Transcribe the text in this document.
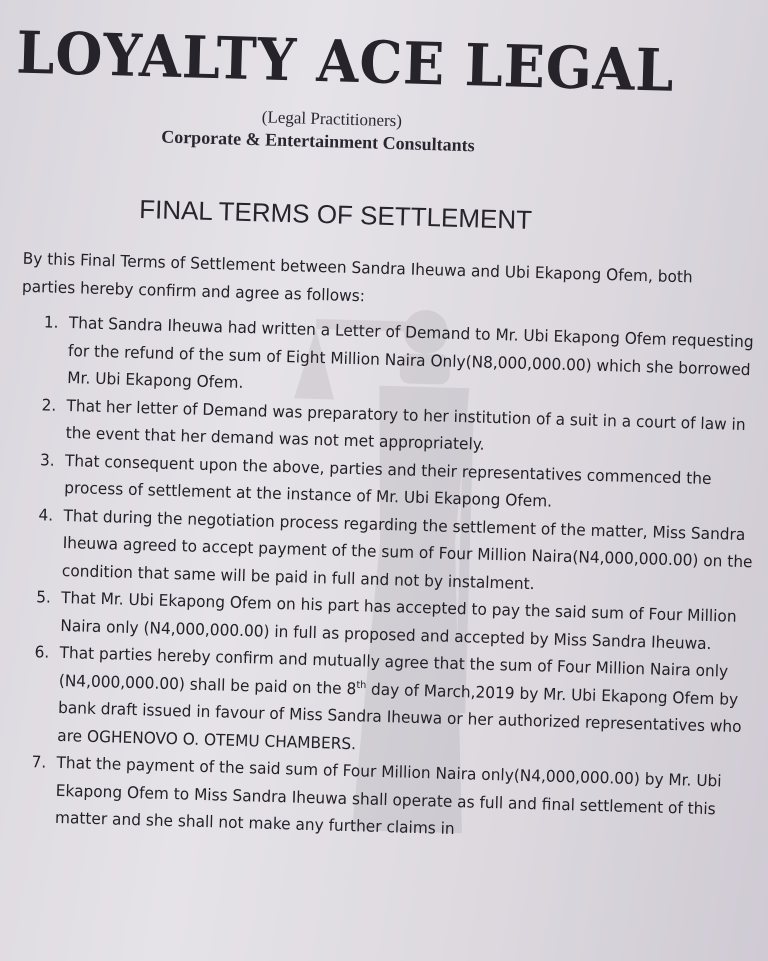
LOYALTY ACE LEGAL
(Legal Practitioners)
Corporate & Entertainment Consultants
FINAL TERMS OF SETTLEMENT

By this Final Terms of Settlement between Sandra Iheuwa and Ubi Ekapong Ofem, both parties hereby confirm and agree as follows:

1. That Sandra Iheuwa had written a Letter of Demand to Mr. Ubi Ekapong Ofem requesting for the refund of the sum of Eight Million Naira Only(N8,000,000.00) which she borrowed Mr. Ubi Ekapong Ofem.
2. That her letter of Demand was preparatory to her institution of a suit in a court of law in the event that her demand was not met appropriately.
3. That consequent upon the above, parties and their representatives commenced the process of settlement at the instance of Mr. Ubi Ekapong Ofem.
4. That during the negotiation process regarding the settlement of the matter, Miss Sandra Iheuwa agreed to accept payment of the sum of Four Million Naira(N4,000,000.00) on the condition that same will be paid in full and not by instalment.
5. That Mr. Ubi Ekapong Ofem on his part has accepted to pay the said sum of Four Million Naira only (N4,000,000.00) in full as proposed and accepted by Miss Sandra Iheuwa.
6. That parties hereby confirm and mutually agree that the sum of Four Million Naira only (N4,000,000.00) shall be paid on the 8th day of March,2019 by Mr. Ubi Ekapong Ofem by bank draft issued in favour of Miss Sandra Iheuwa or her authorized representatives who are OGHENOVO O. OTEMU CHAMBERS.
7. That the payment of the said sum of Four Million Naira only(N4,000,000.00) by Mr. Ubi Ekapong Ofem to Miss Sandra Iheuwa shall operate as full and final settlement of this matter and she shall not make any further claims in
